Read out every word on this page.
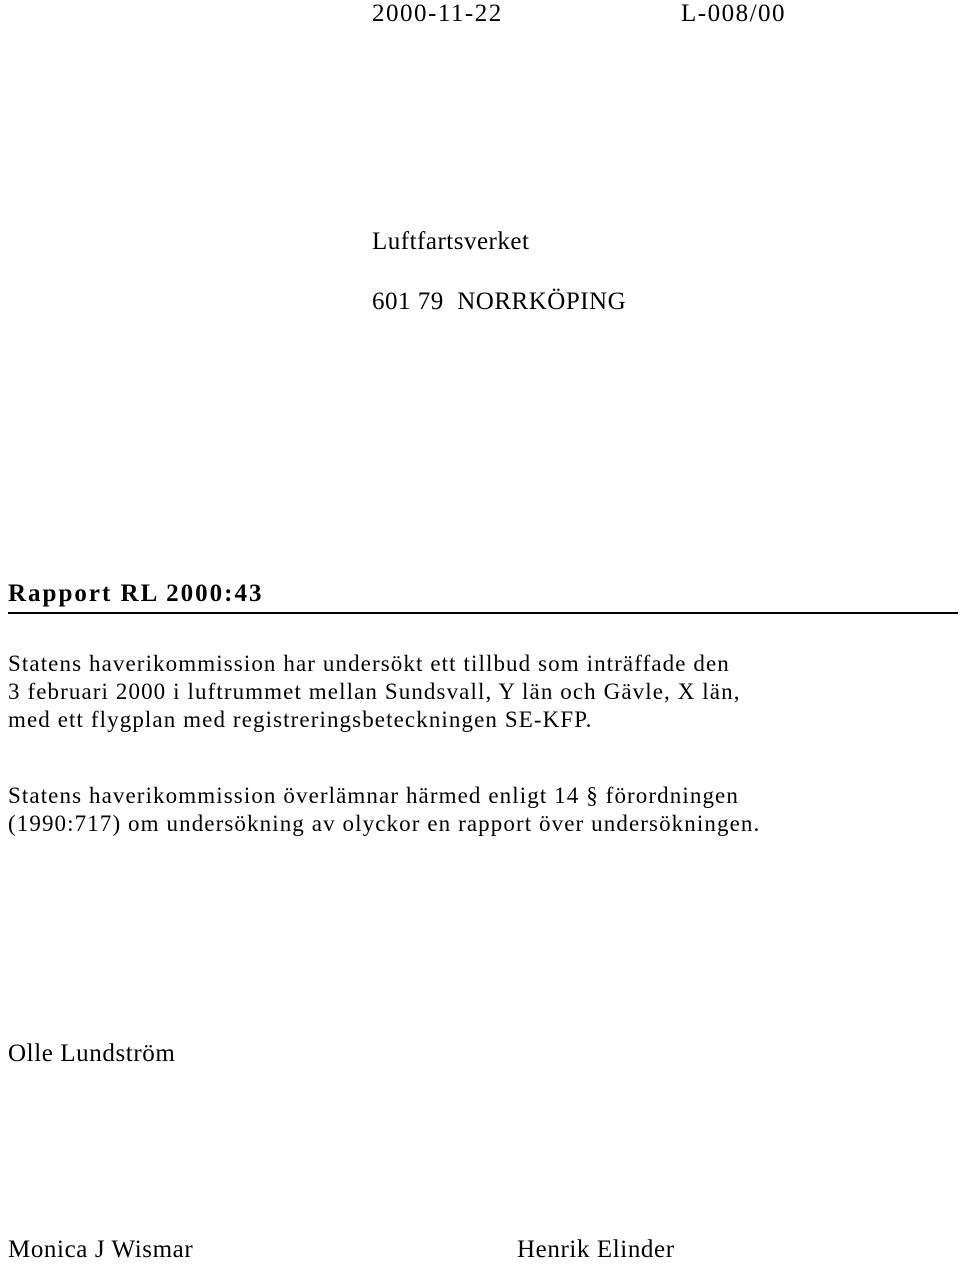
2000-11-22	L-008/00
Luftfartsverket
601 79 NORRKÖPING
Rapport RL 2000:43
Statens haverikommission har undersökt ett tillbud som inträffade den
3 februari 2000 i luftrummet mellan Sundsvall, Y län och Gävle, X län,
med ett flygplan med registreringsbeteckningen SE-KFP.
Statens haverikommission överlämnar härmed enligt 14 § förordningen
(1990:717) om undersökning av olyckor en rapport över undersökningen.
Olle Lundström
Monica J Wismar	Henrik Elinder
